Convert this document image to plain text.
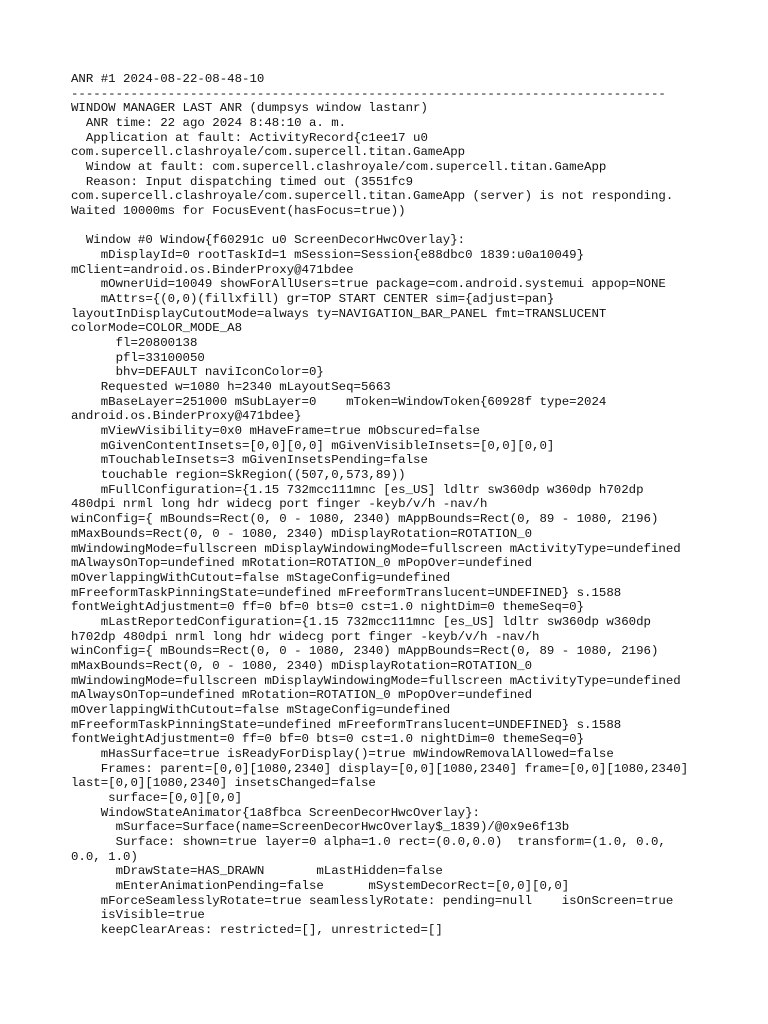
ANR #1 2024-08-22-08-48-10
--------------------------------------------------------------------------------
WINDOW MANAGER LAST ANR (dumpsys window lastanr)
ANR time: 22 ago 2024 8:48:10 a. m.
Application at fault: ActivityRecord{c1ee17 u0
com.supercell.clashroyale/com.supercell.titan.GameApp
Window at fault: com.supercell.clashroyale/com.supercell.titan.GameApp
Reason: Input dispatching timed out (3551fc9
com.supercell.clashroyale/com.supercell.titan.GameApp (server) is not responding.
Waited 10000ms for FocusEvent(hasFocus=true))
Window #0 Window{f60291c u0 ScreenDecorHwcOverlay}:
mDisplayId=0 rootTaskId=1 mSession=Session{e88dbc0 1839:u0a10049}
mClient=android.os.BinderProxy@471bdee
mOwnerUid=10049 showForAllUsers=true package=com.android.systemui appop=NONE
mAttrs={(0,0)(fillxfill) gr=TOP START CENTER sim={adjust=pan}
layoutInDisplayCutoutMode=always ty=NAVIGATION_BAR_PANEL fmt=TRANSLUCENT
colorMode=COLOR_MODE_A8
fl=20800138
pfl=33100050
bhv=DEFAULT naviIconColor=0}
Requested w=1080 h=2340 mLayoutSeq=5663
mBaseLayer=251000 mSubLayer=0    mToken=WindowToken{60928f type=2024
android.os.BinderProxy@471bdee}
mViewVisibility=0x0 mHaveFrame=true mObscured=false
mGivenContentInsets=[0,0][0,0] mGivenVisibleInsets=[0,0][0,0]
mTouchableInsets=3 mGivenInsetsPending=false
touchable region=SkRegion((507,0,573,89))
mFullConfiguration={1.15 732mcc111mnc [es_US] ldltr sw360dp w360dp h702dp
480dpi nrml long hdr widecg port finger -keyb/v/h -nav/h
winConfig={ mBounds=Rect(0, 0 - 1080, 2340) mAppBounds=Rect(0, 89 - 1080, 2196)
mMaxBounds=Rect(0, 0 - 1080, 2340) mDisplayRotation=ROTATION_0
mWindowingMode=fullscreen mDisplayWindowingMode=fullscreen mActivityType=undefined
mAlwaysOnTop=undefined mRotation=ROTATION_0 mPopOver=undefined
mOverlappingWithCutout=false mStageConfig=undefined
mFreeformTaskPinningState=undefined mFreeformTranslucent=UNDEFINED} s.1588
fontWeightAdjustment=0 ff=0 bf=0 bts=0 cst=1.0 nightDim=0 themeSeq=0}
mLastReportedConfiguration={1.15 732mcc111mnc [es_US] ldltr sw360dp w360dp
h702dp 480dpi nrml long hdr widecg port finger -keyb/v/h -nav/h
winConfig={ mBounds=Rect(0, 0 - 1080, 2340) mAppBounds=Rect(0, 89 - 1080, 2196)
mMaxBounds=Rect(0, 0 - 1080, 2340) mDisplayRotation=ROTATION_0
mWindowingMode=fullscreen mDisplayWindowingMode=fullscreen mActivityType=undefined
mAlwaysOnTop=undefined mRotation=ROTATION_0 mPopOver=undefined
mOverlappingWithCutout=false mStageConfig=undefined
mFreeformTaskPinningState=undefined mFreeformTranslucent=UNDEFINED} s.1588
fontWeightAdjustment=0 ff=0 bf=0 bts=0 cst=1.0 nightDim=0 themeSeq=0}
mHasSurface=true isReadyForDisplay()=true mWindowRemovalAllowed=false
Frames: parent=[0,0][1080,2340] display=[0,0][1080,2340] frame=[0,0][1080,2340]
last=[0,0][1080,2340] insetsChanged=false
surface=[0,0][0,0]
WindowStateAnimator{1a8fbca ScreenDecorHwcOverlay}:
mSurface=Surface(name=ScreenDecorHwcOverlay$_1839)/@0x9e6f13b
Surface: shown=true layer=0 alpha=1.0 rect=(0.0,0.0)  transform=(1.0, 0.0,
0.0, 1.0)
mDrawState=HAS_DRAWN       mLastHidden=false
mEnterAnimationPending=false      mSystemDecorRect=[0,0][0,0]
mForceSeamlesslyRotate=true seamlesslyRotate: pending=null    isOnScreen=true
isVisible=true
keepClearAreas: restricted=[], unrestricted=[]
